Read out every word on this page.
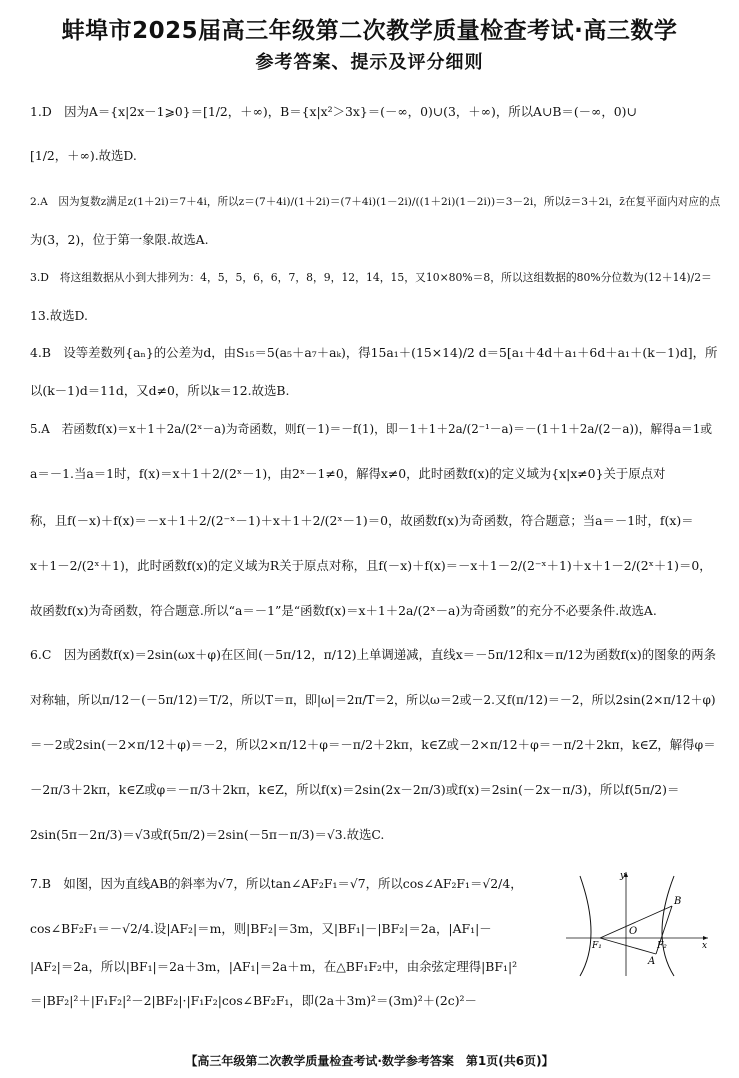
蚌埠市2025届高三年级第二次教学质量检查考试·高三数学
参考答案、提示及评分细则
1.D　因为A＝{x|2x－1⩾0}＝[1/2，＋∞)，B＝{x|x²＞3x}＝(－∞，0)∪(3，＋∞)，所以A∪B＝(－∞，0)∪
[1/2，＋∞).故选D.
2.A　因为复数z满足z(1＋2i)＝7＋4i，所以z＝(7＋4i)/(1＋2i)＝(7＋4i)(1－2i)/((1＋2i)(1－2i))＝3－2i，所以z̄＝3＋2i，z̄在复平面内对应的点
为(3，2)，位于第一象限.故选A.
3.D　将这组数据从小到大排列为：4，5，5，6，6，7，8，9，12，14，15，又10×80%＝8，所以这组数据的80%分位数为(12＋14)/2＝
13.故选D.
4.B　设等差数列{aₙ}的公差为d，由S₁₅＝5(a₅＋a₇＋aₖ)，得15a₁＋(15×14)/2 d＝5[a₁＋4d＋a₁＋6d＋a₁＋(k－1)d]，所
以(k－1)d＝11d，又d≠0，所以k＝12.故选B.
5.A　若函数f(x)＝x＋1＋2a/(2ˣ－a)为奇函数，则f(－1)＝－f(1)，即－1＋1＋2a/(2⁻¹－a)＝－(1＋1＋2a/(2－a))，解得a＝1或
a＝－1.当a＝1时，f(x)＝x＋1＋2/(2ˣ－1)，由2ˣ－1≠0，解得x≠0，此时函数f(x)的定义域为{x|x≠0}关于原点对
称，且f(－x)＋f(x)＝－x＋1＋2/(2⁻ˣ－1)＋x＋1＋2/(2ˣ－1)＝0，故函数f(x)为奇函数，符合题意；当a＝－1时，f(x)＝
x＋1－2/(2ˣ＋1)，此时函数f(x)的定义域为R关于原点对称，且f(－x)＋f(x)＝－x＋1－2/(2⁻ˣ＋1)＋x＋1－2/(2ˣ＋1)＝0，
故函数f(x)为奇函数，符合题意.所以“a＝－1”是“函数f(x)＝x＋1＋2a/(2ˣ－a)为奇函数”的充分不必要条件.故选A.
6.C　因为函数f(x)＝2sin(ωx＋φ)在区间(－5π/12，π/12)上单调递减，直线x＝－5π/12和x＝π/12为函数f(x)的图象的两条
对称轴，所以π/12－(－5π/12)＝T/2，所以T＝π，即|ω|＝2π/T＝2，所以ω＝2或－2.又f(π/12)＝－2，所以2sin(2×π/12＋φ)
＝－2或2sin(－2×π/12＋φ)＝－2，所以2×π/12＋φ＝－π/2＋2kπ，k∈Z或－2×π/12＋φ＝－π/2＋2kπ，k∈Z，解得φ＝
－2π/3＋2kπ，k∈Z或φ＝－π/3＋2kπ，k∈Z，所以f(x)＝2sin(2x－2π/3)或f(x)＝2sin(－2x－π/3)，所以f(5π/2)＝
2sin(5π－2π/3)＝√3或f(5π/2)＝2sin(－5π－π/3)＝√3.故选C.
7.B　如图，因为直线AB的斜率为√7，所以tan∠AF₂F₁＝√7，所以cos∠AF₂F₁＝√2/4，
cos∠BF₂F₁＝－√2/4.设|AF₂|＝m，则|BF₂|＝3m，又|BF₁|－|BF₂|＝2a，|AF₁|－
|AF₂|＝2a，所以|BF₁|＝2a＋3m，|AF₁|＝2a＋m，在△BF₁F₂中，由余弦定理得|BF₁|²
＝|BF₂|²＋|F₁F₂|²－2|BF₂|·|F₁F₂|cos∠BF₂F₁，即(2a＋3m)²＝(3m)²＋(2c)²－
y
x
O
B
A
F₁	F₂
【高三年级第二次教学质量检查考试·数学参考答案　第1页(共6页)】
